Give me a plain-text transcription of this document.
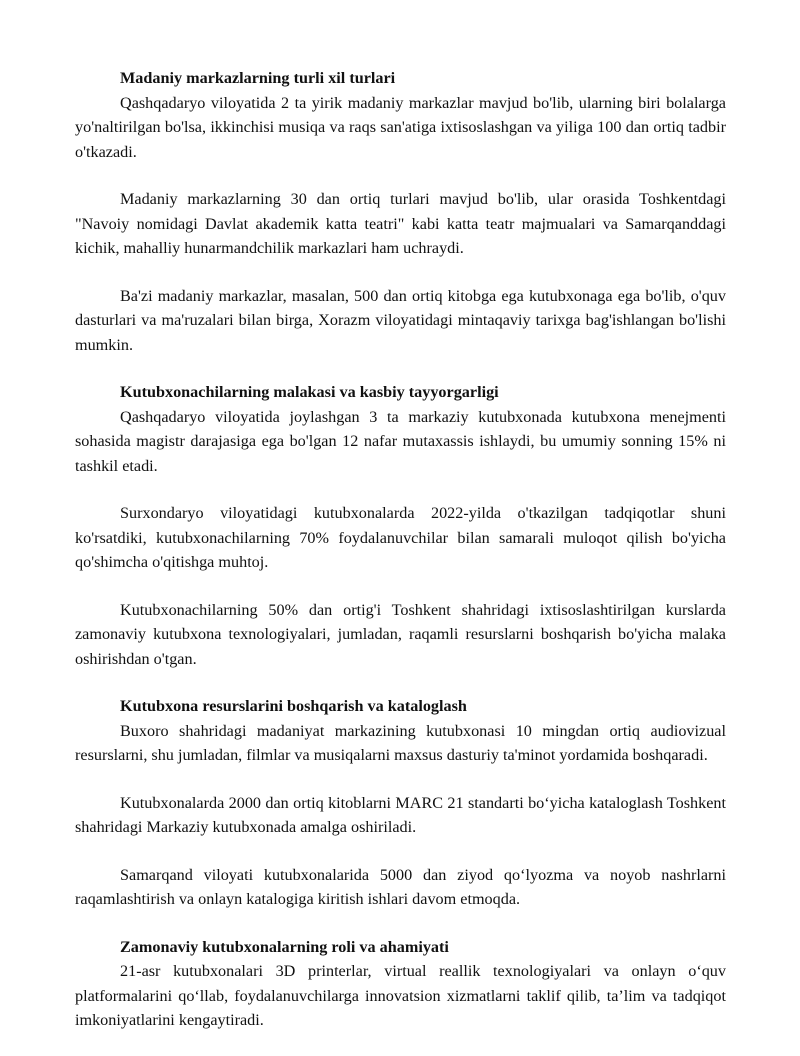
Madaniy markazlarning turli xil turlari

Qashqadaryo viloyatida 2 ta yirik madaniy markazlar mavjud bo'lib, ularning biri bolalarga yo'naltirilgan bo'lsa, ikkinchisi musiqa va raqs san'atiga ixtisoslashgan va yiliga 100 dan ortiq tadbir o'tkazadi.

Madaniy markazlarning 30 dan ortiq turlari mavjud bo'lib, ular orasida Toshkentdagi "Navoiy nomidagi Davlat akademik katta teatri" kabi katta teatr majmualari va Samarqanddagi kichik, mahalliy hunarmandchilik markazlari ham uchraydi.

Ba'zi madaniy markazlar, masalan, 500 dan ortiq kitobga ega kutubxonaga ega bo'lib, o'quv dasturlari va ma'ruzalari bilan birga, Xorazm viloyatidagi mintaqaviy tarixga bag'ishlangan bo'lishi mumkin.

Kutubxonachilarning malakasi va kasbiy tayyorgarligi

Qashqadaryo viloyatida joylashgan 3 ta markaziy kutubxonada kutubxona menejmenti sohasida magistr darajasiga ega bo'lgan 12 nafar mutaxassis ishlaydi, bu umumiy sonning 15% ni tashkil etadi.

Surxondaryo viloyatidagi kutubxonalarda 2022-yilda o'tkazilgan tadqiqotlar shuni ko'rsatdiki, kutubxonachilarning 70% foydalanuvchilar bilan samarali muloqot qilish bo'yicha qo'shimcha o'qitishga muhtoj.

Kutubxonachilarning 50% dan ortig'i Toshkent shahridagi ixtisoslashtirilgan kurslarda zamonaviy kutubxona texnologiyalari, jumladan, raqamli resurslarni boshqarish bo'yicha malaka oshirishdan o'tgan.

Kutubxona resurslarini boshqarish va kataloglash

Buxoro shahridagi madaniyat markazining kutubxonasi 10 mingdan ortiq audiovizual resurslarni, shu jumladan, filmlar va musiqalarni maxsus dasturiy ta'minot yordamida boshqaradi.

Kutubxonalarda 2000 dan ortiq kitoblarni MARC 21 standarti bo‘yicha kataloglash Toshkent shahridagi Markaziy kutubxonada amalga oshiriladi.

Samarqand viloyati kutubxonalarida 5000 dan ziyod qo‘lyozma va noyob nashrlarni raqamlashtirish va onlayn katalogiga kiritish ishlari davom etmoqda.

Zamonaviy kutubxonalarning roli va ahamiyati

21-asr kutubxonalari 3D printerlar, virtual reallik texnologiyalari va onlayn o‘quv platformalarini qo‘llab, foydalanuvchilarga innovatsion xizmatlarni taklif qilib, ta’lim va tadqiqot imkoniyatlarini kengaytiradi.
